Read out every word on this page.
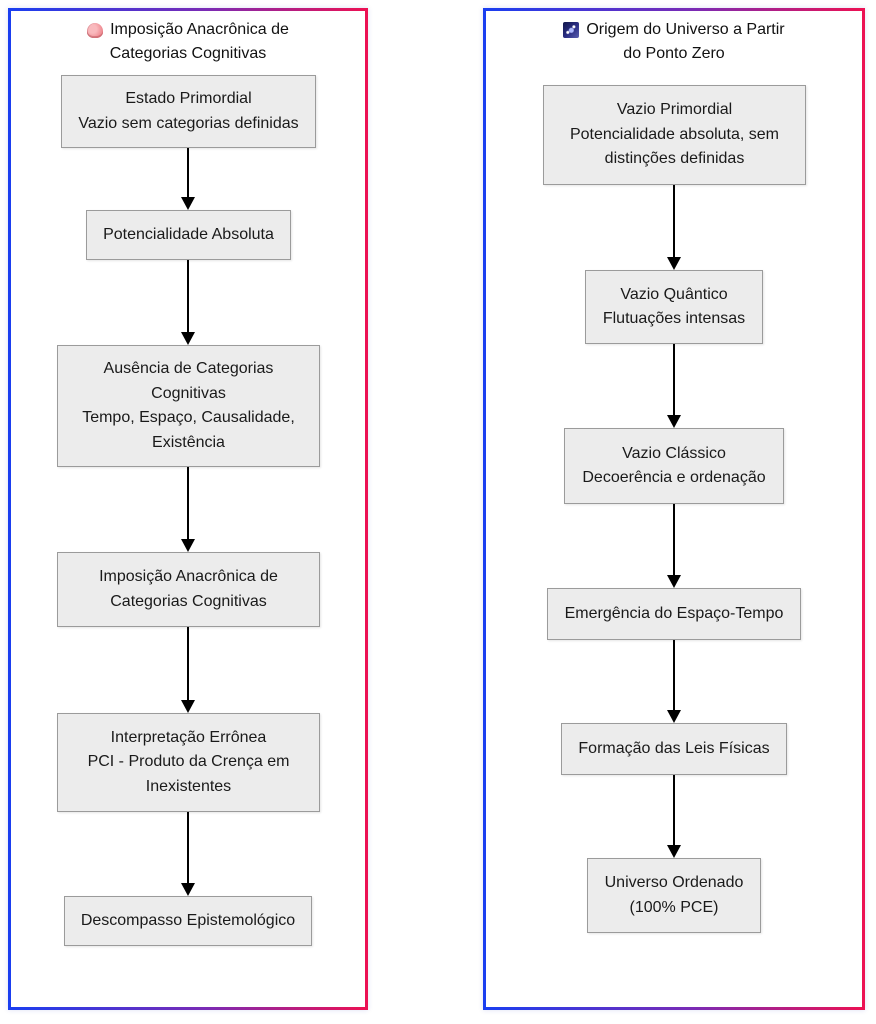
Imposição Anacrônica de
Categorias Cognitivas
Estado Primordial
Vazio sem categorias definidas
Potencialidade Absoluta
Ausência de Categorias
Cognitivas
Tempo, Espaço, Causalidade,
Existência
Imposição Anacrônica de
Categorias Cognitivas
Interpretação Errônea
PCI - Produto da Crença em
Inexistentes
Descompasso Epistemológico
Origem do Universo a Partir
do Ponto Zero
Vazio Primordial
Potencialidade absoluta, sem
distinções definidas
Vazio Quântico
Flutuações intensas
Vazio Clássico
Decoerência e ordenação
Emergência do Espaço-Tempo
Formação das Leis Físicas
Universo Ordenado
(100% PCE)
